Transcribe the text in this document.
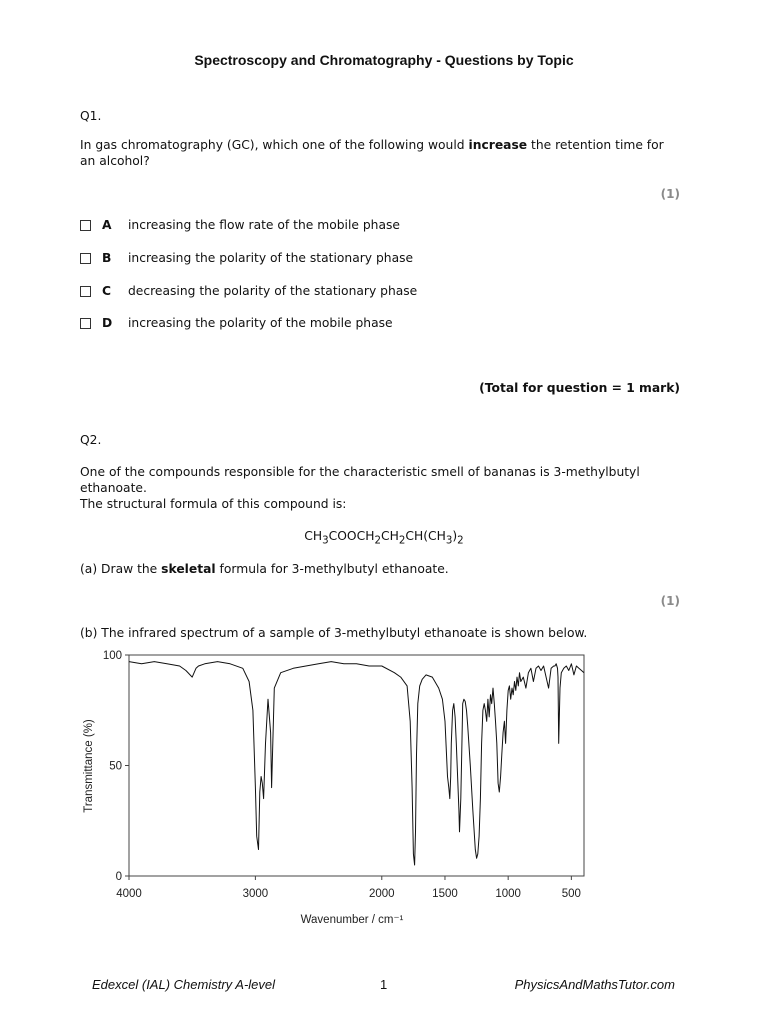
Spectroscopy and Chromatography - Questions by Topic
Q1.
In gas chromatography (GC), which one of the following would increase the retention time for
an alcohol?
(1)
A	increasing the flow rate of the mobile phase
B	increasing the polarity of the stationary phase
C	decreasing the polarity of the stationary phase
D	increasing the polarity of the mobile phase
(Total for question = 1 mark)
Q2.
One of the compounds responsible for the characteristic smell of bananas is 3-methylbutyl
ethanoate.
The structural formula of this compound is:
$CH_3COOCH_2CH_2CH(CH_3)_2$
(a) Draw the skeletal formula for 3-methylbutyl ethanoate.
(1)
(b) The infrared spectrum of a sample of 3-methylbutyl ethanoate is shown below.
4000	3000	2000	1500	1000	500
0
50
100
Wavenumber / cm⁻¹
Transmittance (%)
Edexcel (IAL) Chemistry A-level	1	PhysicsAndMathsTutor.com
